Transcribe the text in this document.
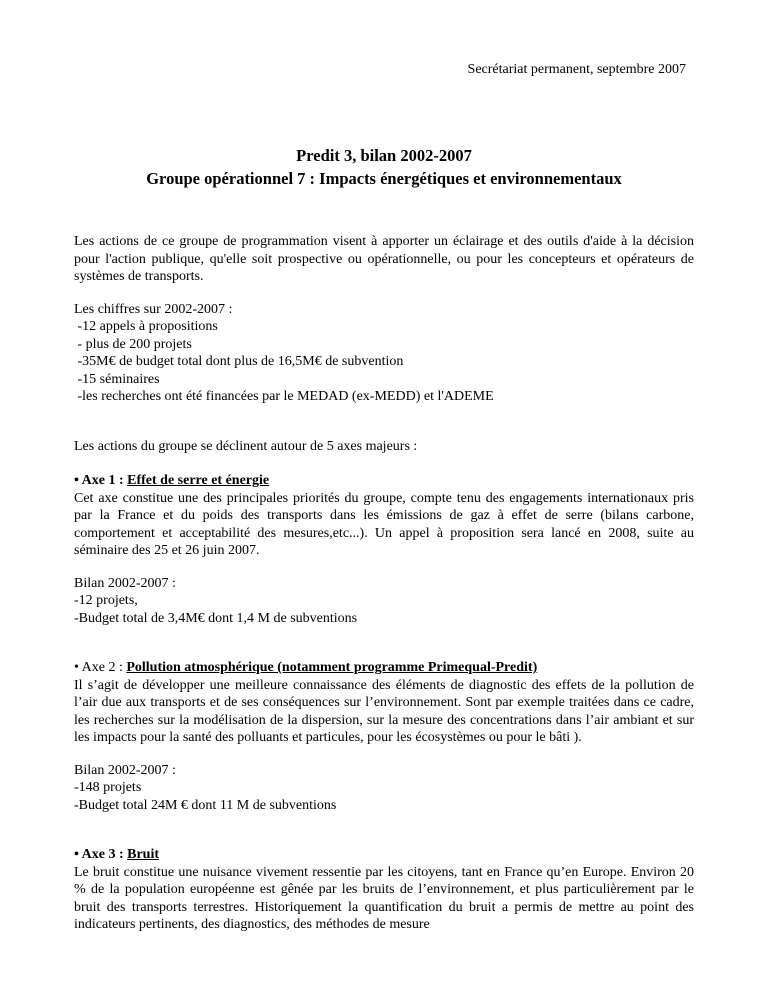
Secrétariat permanent, septembre 2007
Predit 3, bilan 2002-2007
Groupe opérationnel 7 : Impacts énergétiques et environnementaux

Les actions de ce groupe de programmation visent à apporter un éclairage et des outils d'aide à la décision pour l'action publique, qu'elle soit prospective ou opérationnelle, ou pour les concepteurs et opérateurs de systèmes de transports.

Les chiffres sur 2002-2007 :
-12 appels à propositions
- plus de 200 projets
-35M€ de budget total dont plus de 16,5M€ de subvention
-15 séminaires
-les recherches ont été financées par le MEDAD (ex-MEDD) et l'ADEME
Les actions du groupe se déclinent autour de 5 axes majeurs :
• Axe 1 : Effet de serre et énergie

Cet axe constitue une des principales priorités du groupe, compte tenu des engagements internationaux pris par la France et du poids des transports dans les émissions de gaz à effet de serre (bilans carbone, comportement et acceptabilité des mesures,etc...). Un appel à proposition sera lancé en 2008, suite au séminaire des 25 et 26 juin 2007.

Bilan 2002-2007 :
-12 projets,
-Budget total de 3,4M€ dont 1,4 M de subventions
• Axe 2 : Pollution atmosphérique (notamment programme Primequal-Predit)

Il s’agit de développer une meilleure connaissance des éléments de diagnostic des effets de la pollution de l’air due aux transports et de ses conséquences sur l’environnement. Sont par exemple traitées dans ce cadre, les recherches sur la modélisation de la dispersion, sur la mesure des concentrations dans l’air ambiant et sur les impacts pour la santé des polluants et particules, pour les écosystèmes ou pour le bâti ).

Bilan 2002-2007 :
-148 projets
-Budget total 24M € dont 11 M de subventions
• Axe 3 : Bruit

Le bruit constitue une nuisance vivement ressentie par les citoyens, tant en France qu’en Europe. Environ 20 % de la population européenne est gênée par les bruits de l’environnement, et plus particulièrement par le bruit des transports terrestres. Historiquement la quantification du bruit a permis de mettre au point des indicateurs pertinents, des diagnostics, des méthodes de mesure
